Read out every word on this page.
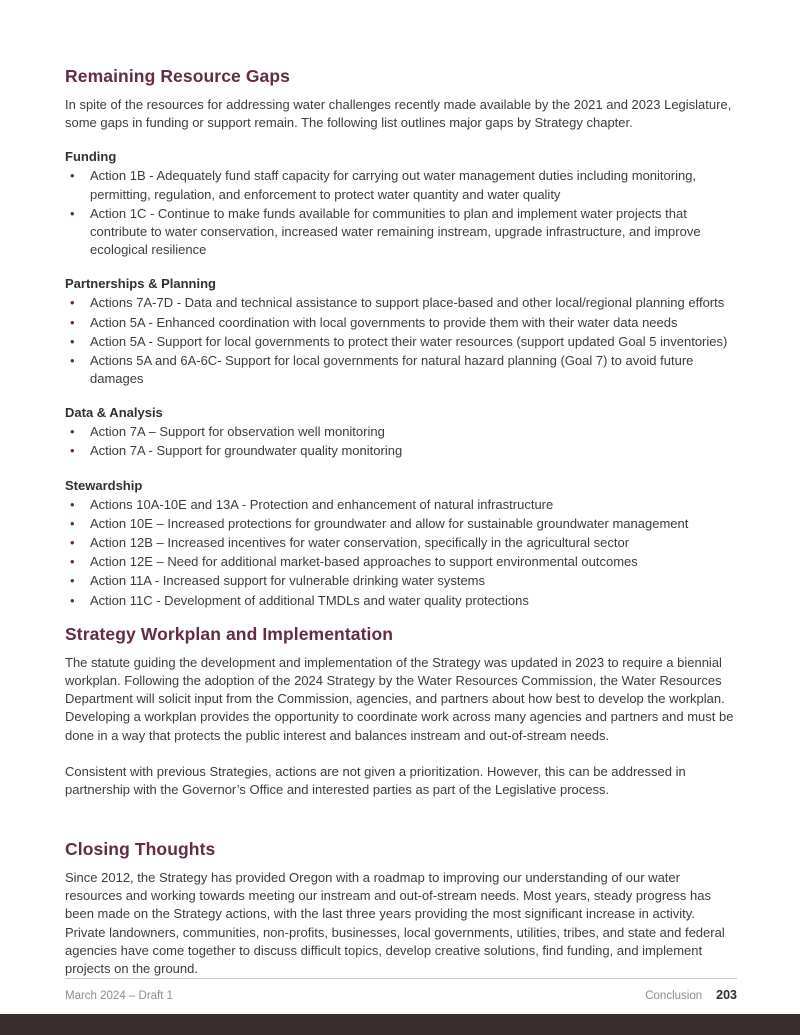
Remaining Resource Gaps

In spite of the resources for addressing water challenges recently made available by the 2021 and 2023 Legislature, some gaps in funding or support remain. The following list outlines major gaps by Strategy chapter.

Funding
• Action 1B - Adequately fund staff capacity for carrying out water management duties including monitoring, permitting, regulation, and enforcement to protect water quantity and water quality
• Action 1C - Continue to make funds available for communities to plan and implement water projects that contribute to water conservation, increased water remaining instream, upgrade infrastructure, and improve ecological resilience
Partnerships & Planning
• Actions 7A-7D - Data and technical assistance to support place-based and other local/regional planning efforts
• Action 5A - Enhanced coordination with local governments to provide them with their water data needs
• Action 5A - Support for local governments to protect their water resources (support updated Goal 5 inventories)
• Actions 5A and 6A-6C- Support for local governments for natural hazard planning (Goal 7) to avoid future damages
Data & Analysis
• Action 7A – Support for observation well monitoring
• Action 7A - Support for groundwater quality monitoring
Stewardship
• Actions 10A-10E and 13A - Protection and enhancement of natural infrastructure
• Action 10E – Increased protections for groundwater and allow for sustainable groundwater management
• Action 12B – Increased incentives for water conservation, specifically in the agricultural sector
• Action 12E – Need for additional market-based approaches to support environmental outcomes
• Action 11A - Increased support for vulnerable drinking water systems
• Action 11C - Development of additional TMDLs and water quality protections
Strategy Workplan and Implementation

The statute guiding the development and implementation of the Strategy was updated in 2023 to require a biennial workplan. Following the adoption of the 2024 Strategy by the Water Resources Commission, the Water Resources Department will solicit input from the Commission, agencies, and partners about how best to develop the workplan. Developing a workplan provides the opportunity to coordinate work across many agencies and partners and must be done in a way that protects the public interest and balances instream and out-of-stream needs.

Consistent with previous Strategies, actions are not given a prioritization. However, this can be addressed in partnership with the Governor’s Office and interested parties as part of the Legislative process.

Closing Thoughts

Since 2012, the Strategy has provided Oregon with a roadmap to improving our understanding of our water resources and working towards meeting our instream and out-of-stream needs. Most years, steady progress has been made on the Strategy actions, with the last three years providing the most significant increase in activity. Private landowners, communities, non-profits, businesses, local governments, utilities, tribes, and state and federal agencies have come together to discuss difficult topics, develop creative solutions, find funding, and implement projects on the ground.

March 2024 – Draft 1	Conclusion 203
